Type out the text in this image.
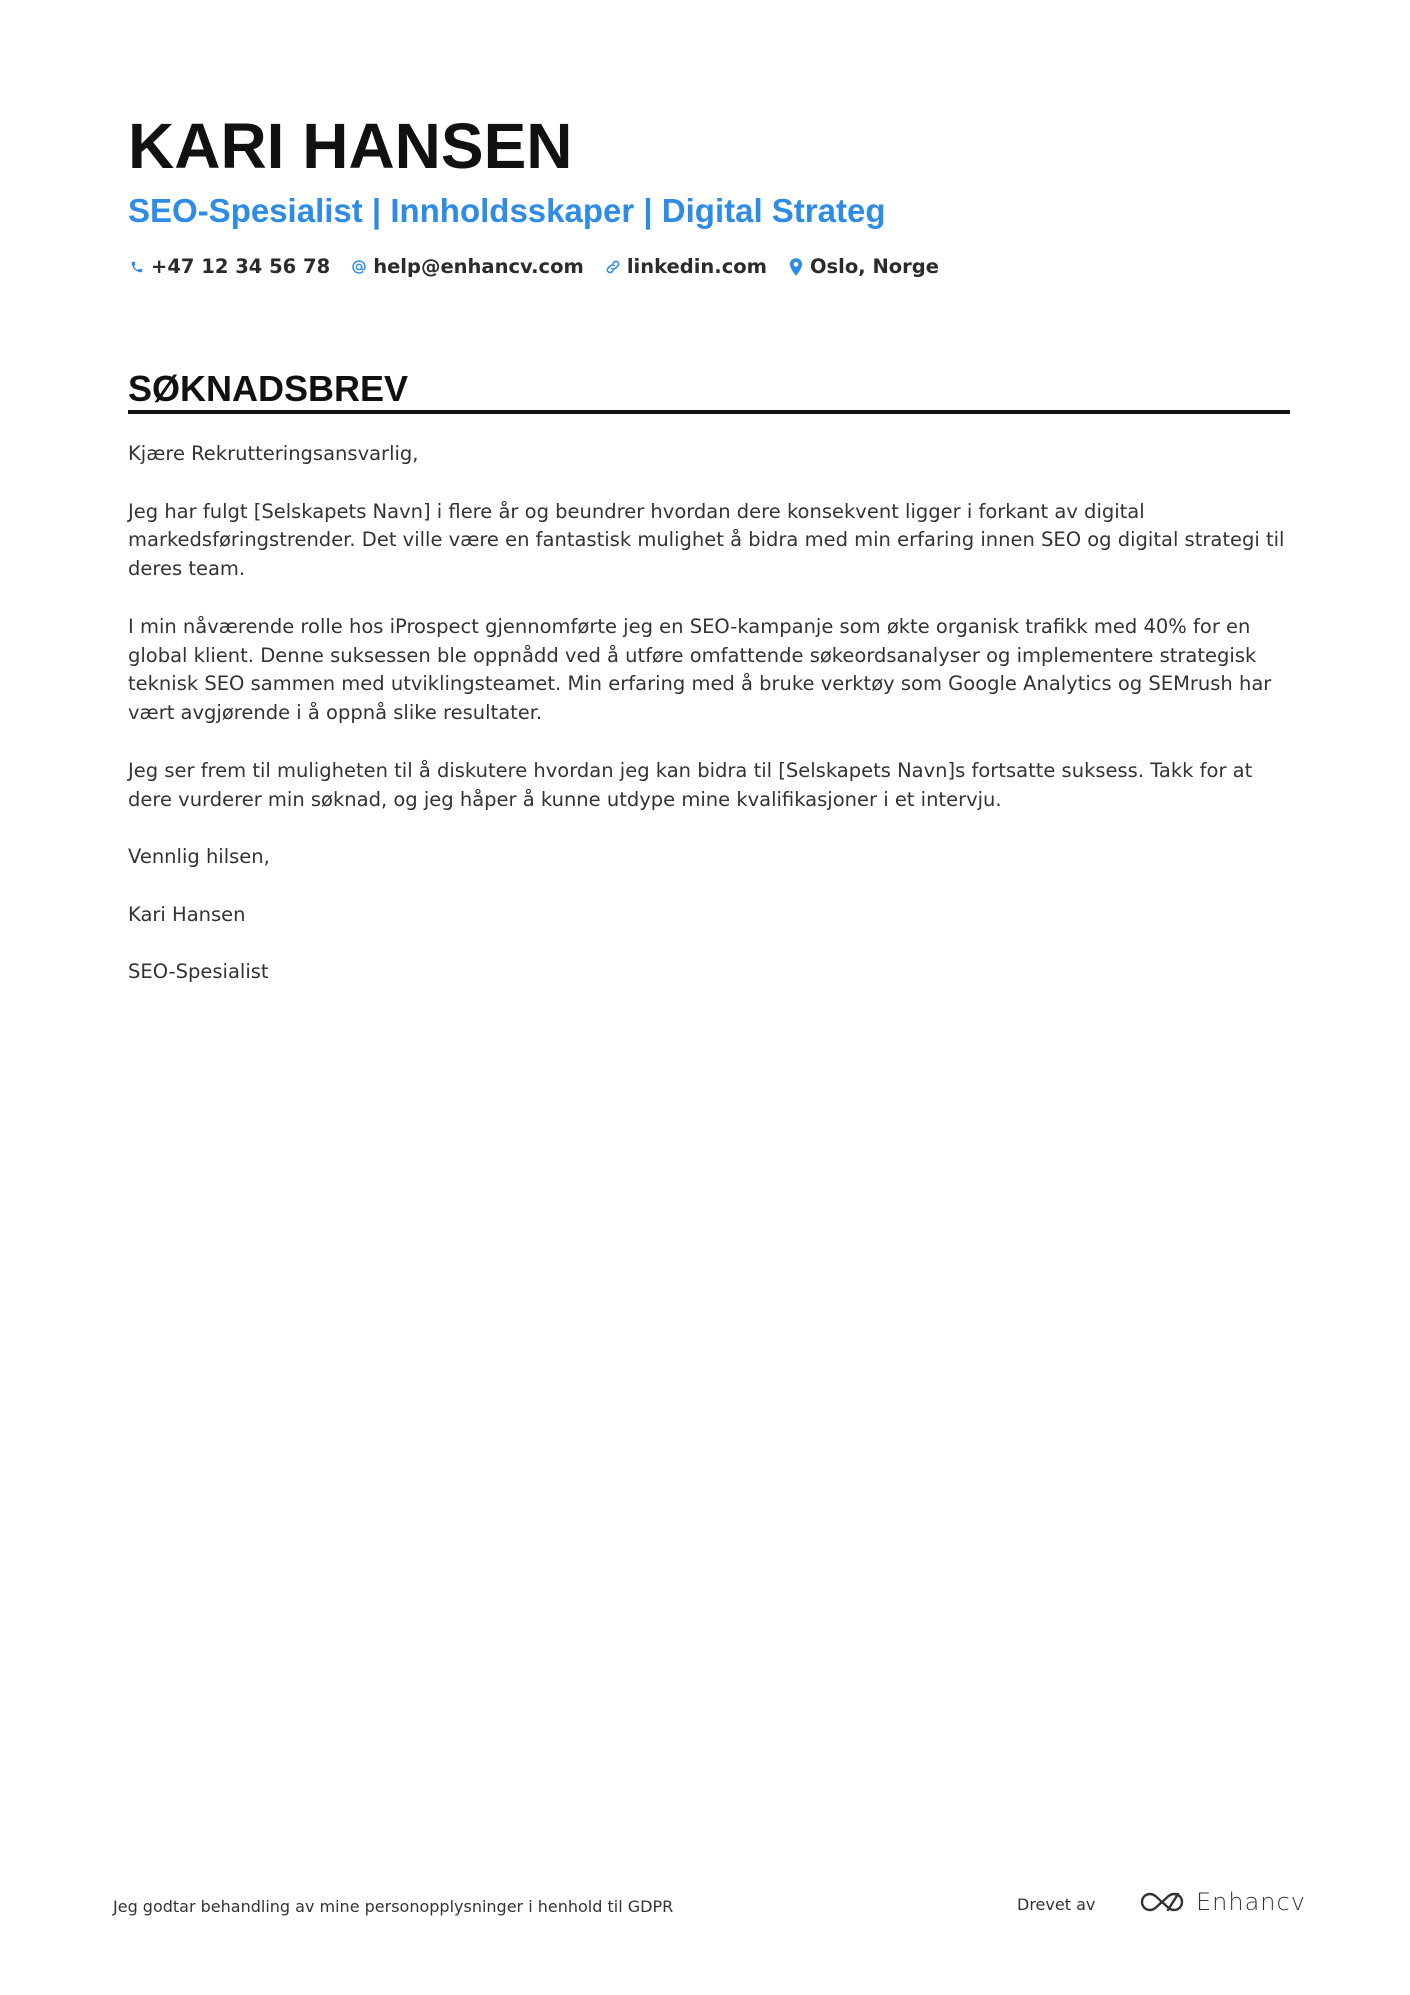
KARI HANSEN
SEO-Spesialist | Innholdsskaper | Digital Strateg
+47 12 34 56 78 help@enhancv.com linkedin.com Oslo, Norge
SØKNADSBREV

Kjære Rekrutteringsansvarlig,

Jeg har fulgt [Selskapets Navn] i flere år og beundrer hvordan dere konsekvent ligger i forkant av digital markedsføringstrender. Det ville være en fantastisk mulighet å bidra med min erfaring innen SEO og digital strategi til deres team.

I min nåværende rolle hos iProspect gjennomførte jeg en SEO-kampanje som økte organisk trafikk med 40% for en global klient. Denne suksessen ble oppnådd ved å utføre omfattende søkeordsanalyser og implementere strategisk teknisk SEO sammen med utviklingsteamet. Min erfaring med å bruke verktøy som Google Analytics og SEMrush har vært avgjørende i å oppnå slike resultater.

Jeg ser frem til muligheten til å diskutere hvordan jeg kan bidra til [Selskapets Navn]s fortsatte suksess. Takk for at dere vurderer min søknad, og jeg håper å kunne utdype mine kvalifikasjoner i et intervju.

Vennlig hilsen,

Kari Hansen

SEO-Spesialist

Jeg godtar behandling av mine personopplysninger i henhold til GDPR	Drevet av	Enhancv
